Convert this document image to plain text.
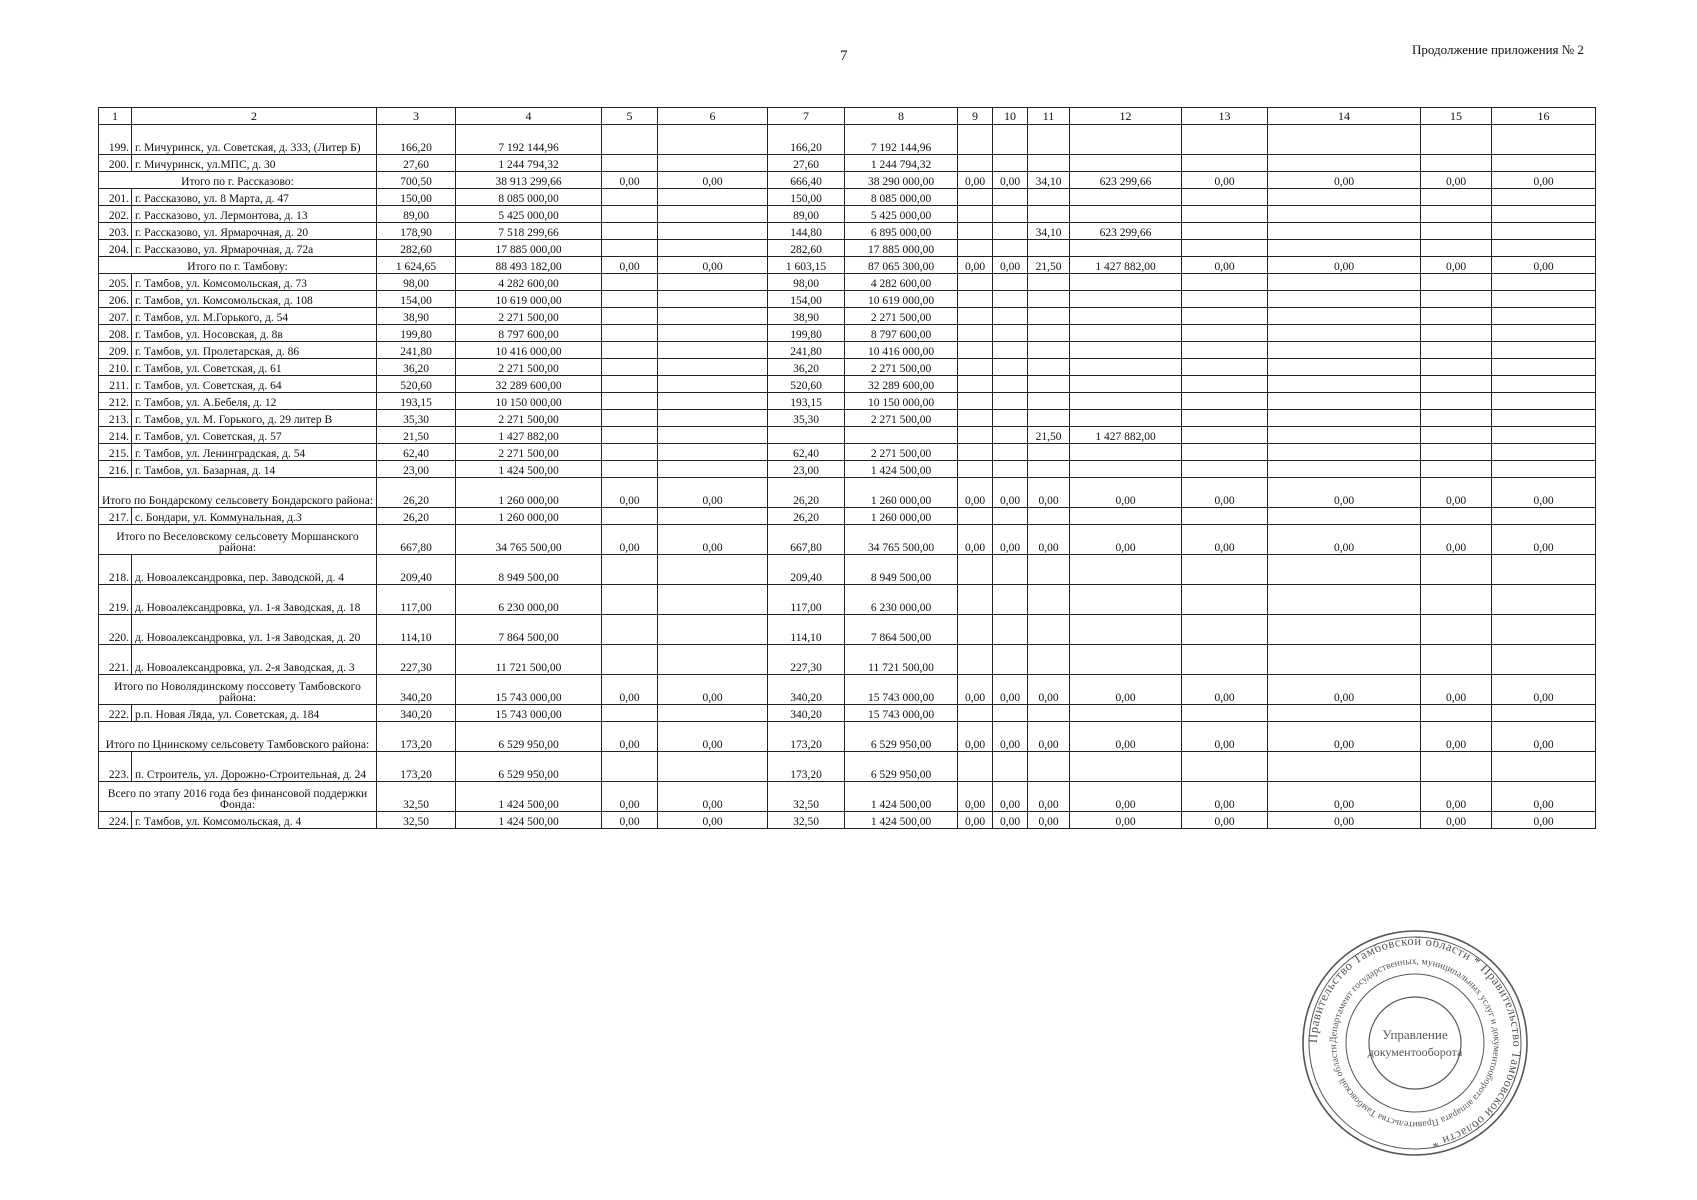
7	Продолжение приложения № 2
1	2	3	4	5	6	7	8	9	10	11	12	13	14	15	16
199.	г. Мичуринск, ул. Советская, д. 333, (Литер Б)	166,20	7 192 144,96			166,20	7 192 144,96								
200.	г. Мичуринск, ул.МПС, д. 30	27,60	1 244 794,32			27,60	1 244 794,32								
Итого по г. Рассказово:		700,50	38 913 299,66	0,00	0,00	666,40	38 290 000,00	0,00	0,00	34,10	623 299,66	0,00	0,00	0,00	0,00
201.	г. Рассказово, ул. 8 Марта, д. 47	150,00	8 085 000,00			150,00	8 085 000,00								
202.	г. Рассказово, ул. Лермонтова, д. 13	89,00	5 425 000,00			89,00	5 425 000,00								
203.	г. Рассказово, ул. Ярмарочная, д. 20	178,90	7 518 299,66			144,80	6 895 000,00			34,10	623 299,66				
204.	г. Рассказово, ул. Ярмарочная, д. 72а	282,60	17 885 000,00			282,60	17 885 000,00								
Итого по г. Тамбову:		1 624,65	88 493 182,00	0,00	0,00	1 603,15	87 065 300,00	0,00	0,00	21,50	1 427 882,00	0,00	0,00	0,00	0,00
205.	г. Тамбов, ул. Комсомольская, д. 73	98,00	4 282 600,00			98,00	4 282 600,00								
206.	г. Тамбов, ул. Комсомольская, д. 108	154,00	10 619 000,00			154,00	10 619 000,00								
207.	г. Тамбов, ул. М.Горького, д. 54	38,90	2 271 500,00			38,90	2 271 500,00								
208.	г. Тамбов, ул. Носовская, д. 8в	199,80	8 797 600,00			199,80	8 797 600,00								
209.	г. Тамбов, ул. Пролетарская, д. 86	241,80	10 416 000,00			241,80	10 416 000,00								
210.	г. Тамбов, ул. Советская, д. 61	36,20	2 271 500,00			36,20	2 271 500,00								
211.	г. Тамбов, ул. Советская, д. 64	520,60	32 289 600,00			520,60	32 289 600,00								
212.	г. Тамбов, ул. А.Бебеля, д. 12	193,15	10 150 000,00			193,15	10 150 000,00								
213.	г. Тамбов, ул. М. Горького, д. 29 литер В	35,30	2 271 500,00			35,30	2 271 500,00								
214.	г. Тамбов, ул. Советская, д. 57	21,50	1 427 882,00							21,50	1 427 882,00				
215.	г. Тамбов, ул. Ленинградская, д. 54	62,40	2 271 500,00			62,40	2 271 500,00								
216.	г. Тамбов, ул. Базарная, д. 14	23,00	1 424 500,00			23,00	1 424 500,00								
Итого по Бондарскому сельсовету Бондарского района:		26,20	1 260 000,00	0,00	0,00	26,20	1 260 000,00	0,00	0,00	0,00	0,00	0,00	0,00	0,00	0,00
217.	с. Бондари, ул. Коммунальная, д.3	26,20	1 260 000,00			26,20	1 260 000,00								
Итого по Веселовскому сельсовету Моршанского района:		667,80	34 765 500,00	0,00	0,00	667,80	34 765 500,00	0,00	0,00	0,00	0,00	0,00	0,00	0,00	0,00
218.	д. Новоалександровка, пер. Заводской, д. 4	209,40	8 949 500,00			209,40	8 949 500,00								
219.	д. Новоалександровка, ул. 1-я Заводская, д. 18	117,00	6 230 000,00			117,00	6 230 000,00								
220.	д. Новоалександровка, ул. 1-я Заводская, д. 20	114,10	7 864 500,00			114,10	7 864 500,00								
221.	д. Новоалександровка, ул. 2-я Заводская, д. 3	227,30	11 721 500,00			227,30	11 721 500,00								
Итого по Новолядинскому поссовету Тамбовского района:		340,20	15 743 000,00	0,00	0,00	340,20	15 743 000,00	0,00	0,00	0,00	0,00	0,00	0,00	0,00	0,00
222.	р.п. Новая Ляда, ул. Советская, д. 184	340,20	15 743 000,00			340,20	15 743 000,00								
Итого по Цнинскому сельсовету Тамбовского района:		173,20	6 529 950,00	0,00	0,00	173,20	6 529 950,00	0,00	0,00	0,00	0,00	0,00	0,00	0,00	0,00
223.	п. Строитель, ул. Дорожно-Строительная, д. 24	173,20	6 529 950,00			173,20	6 529 950,00								
Всего по этапу 2016 года без финансовой поддержки Фонда:		32,50	1 424 500,00	0,00	0,00	32,50	1 424 500,00	0,00	0,00	0,00	0,00	0,00	0,00	0,00	0,00
224.	г. Тамбов, ул. Комсомольская, д. 4	32,50	1 424 500,00	0,00	0,00	32,50	1 424 500,00	0,00	0,00	0,00	0,00	0,00	0,00	0,00	0,00
Правительство Тамбовской области * Правительство Тамбовской области *
Департамент государственных, муниципальных услуг и документооборота аппарата Правительства Тамбовской области
Управление
документооборота
